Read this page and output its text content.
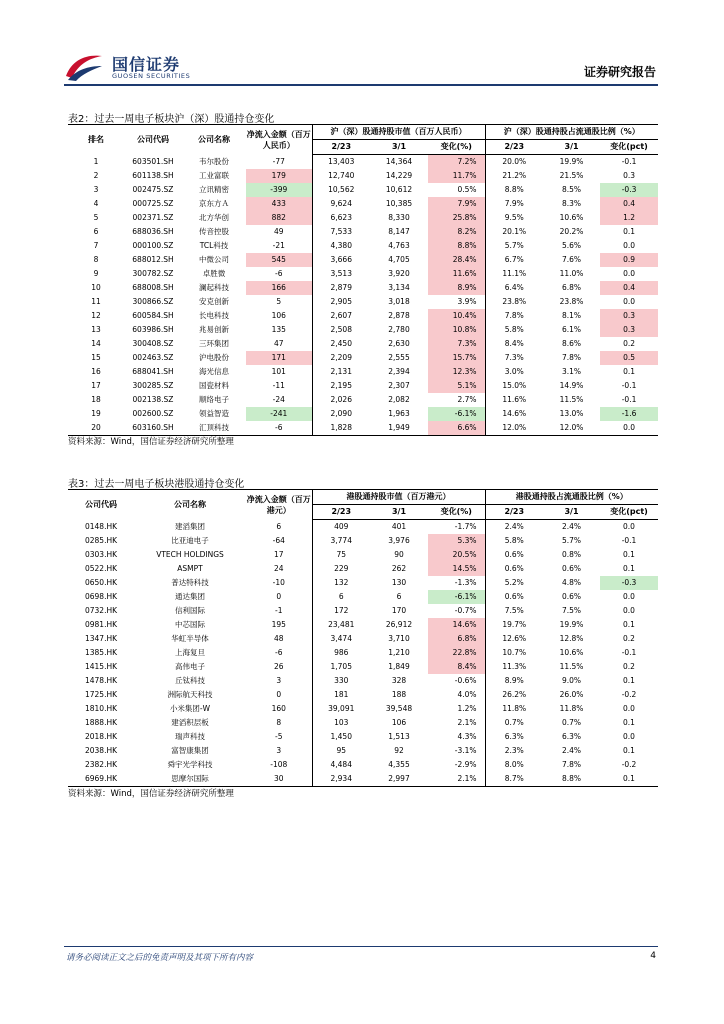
国信证券
GUOSEN SECURITIES	证券研究报告
表2：过去一周电子板块沪（深）股通持仓变化
排名	公司代码	公司名称	净流入金额（百万人民币）	沪（深）股通持股市值（百万人民币）			沪（深）股通持股占流通股比例（%）		
				2/23	3/1	变化(%)	2/23	3/1	变化(pct)
1	603501.SH	韦尔股份	-77	13,403	14,364	7.2%	20.0%	19.9%	-0.1
2	601138.SH	工业富联	179	12,740	14,229	11.7%	21.2%	21.5%	0.3
3	002475.SZ	立讯精密	-399	10,562	10,612	0.5%	8.8%	8.5%	-0.3
4	000725.SZ	京东方Ａ	433	9,624	10,385	7.9%	7.9%	8.3%	0.4
5	002371.SZ	北方华创	882	6,623	8,330	25.8%	9.5%	10.6%	1.2
6	688036.SH	传音控股	49	7,533	8,147	8.2%	20.1%	20.2%	0.1
7	000100.SZ	TCL科技	-21	4,380	4,763	8.8%	5.7%	5.6%	0.0
8	688012.SH	中微公司	545	3,666	4,705	28.4%	6.7%	7.6%	0.9
9	300782.SZ	卓胜微	-6	3,513	3,920	11.6%	11.1%	11.0%	0.0
10	688008.SH	澜起科技	166	2,879	3,134	8.9%	6.4%	6.8%	0.4
11	300866.SZ	安克创新	5	2,905	3,018	3.9%	23.8%	23.8%	0.0
12	600584.SH	长电科技	106	2,607	2,878	10.4%	7.8%	8.1%	0.3
13	603986.SH	兆易创新	135	2,508	2,780	10.8%	5.8%	6.1%	0.3
14	300408.SZ	三环集团	47	2,450	2,630	7.3%	8.4%	8.6%	0.2
15	002463.SZ	沪电股份	171	2,209	2,555	15.7%	7.3%	7.8%	0.5
16	688041.SH	海光信息	101	2,131	2,394	12.3%	3.0%	3.1%	0.1
17	300285.SZ	国瓷材料	-11	2,195	2,307	5.1%	15.0%	14.9%	-0.1
18	002138.SZ	顺络电子	-24	2,026	2,082	2.7%	11.6%	11.5%	-0.1
19	002600.SZ	领益智造	-241	2,090	1,963	-6.1%	14.6%	13.0%	-1.6
20	603160.SH	汇顶科技	-6	1,828	1,949	6.6%	12.0%	12.0%	0.0
资料来源：Wind，国信证券经济研究所整理
表3：过去一周电子板块港股通持仓变化
公司代码	公司名称	净流入金额（百万港元）	港股通持股市值（百万港元）			港股通持股占流通股比例（%）		
			2/23	3/1	变化(%)	2/23	3/1	变化(pct)
0148.HK	建滔集团	6	409	401	-1.7%	2.4%	2.4%	0.0
0285.HK	比亚迪电子	-64	3,774	3,976	5.3%	5.8%	5.7%	-0.1
0303.HK	VTECH HOLDINGS	17	75	90	20.5%	0.6%	0.8%	0.1
0522.HK	ASMPT	24	229	262	14.5%	0.6%	0.6%	0.1
0650.HK	普达特科技	-10	132	130	-1.3%	5.2%	4.8%	-0.3
0698.HK	通达集团	0	6	6	-6.1%	0.6%	0.6%	0.0
0732.HK	信利国际	-1	172	170	-0.7%	7.5%	7.5%	0.0
0981.HK	中芯国际	195	23,481	26,912	14.6%	19.7%	19.9%	0.1
1347.HK	华虹半导体	48	3,474	3,710	6.8%	12.6%	12.8%	0.2
1385.HK	上海复旦	-6	986	1,210	22.8%	10.7%	10.6%	-0.1
1415.HK	高伟电子	26	1,705	1,849	8.4%	11.3%	11.5%	0.2
1478.HK	丘钛科技	3	330	328	-0.6%	8.9%	9.0%	0.1
1725.HK	洲际航天科技	0	181	188	4.0%	26.2%	26.0%	-0.2
1810.HK	小米集团-W	160	39,091	39,548	1.2%	11.8%	11.8%	0.0
1888.HK	建滔积层板	8	103	106	2.1%	0.7%	0.7%	0.1
2018.HK	瑞声科技	-5	1,450	1,513	4.3%	6.3%	6.3%	0.0
2038.HK	富智康集团	3	95	92	-3.1%	2.3%	2.4%	0.1
2382.HK	舜宇光学科技	-108	4,484	4,355	-2.9%	8.0%	7.8%	-0.2
6969.HK	思摩尔国际	30	2,934	2,997	2.1%	8.7%	8.8%	0.1
资料来源：Wind，国信证券经济研究所整理
请务必阅读正文之后的免责声明及其项下所有内容	4
